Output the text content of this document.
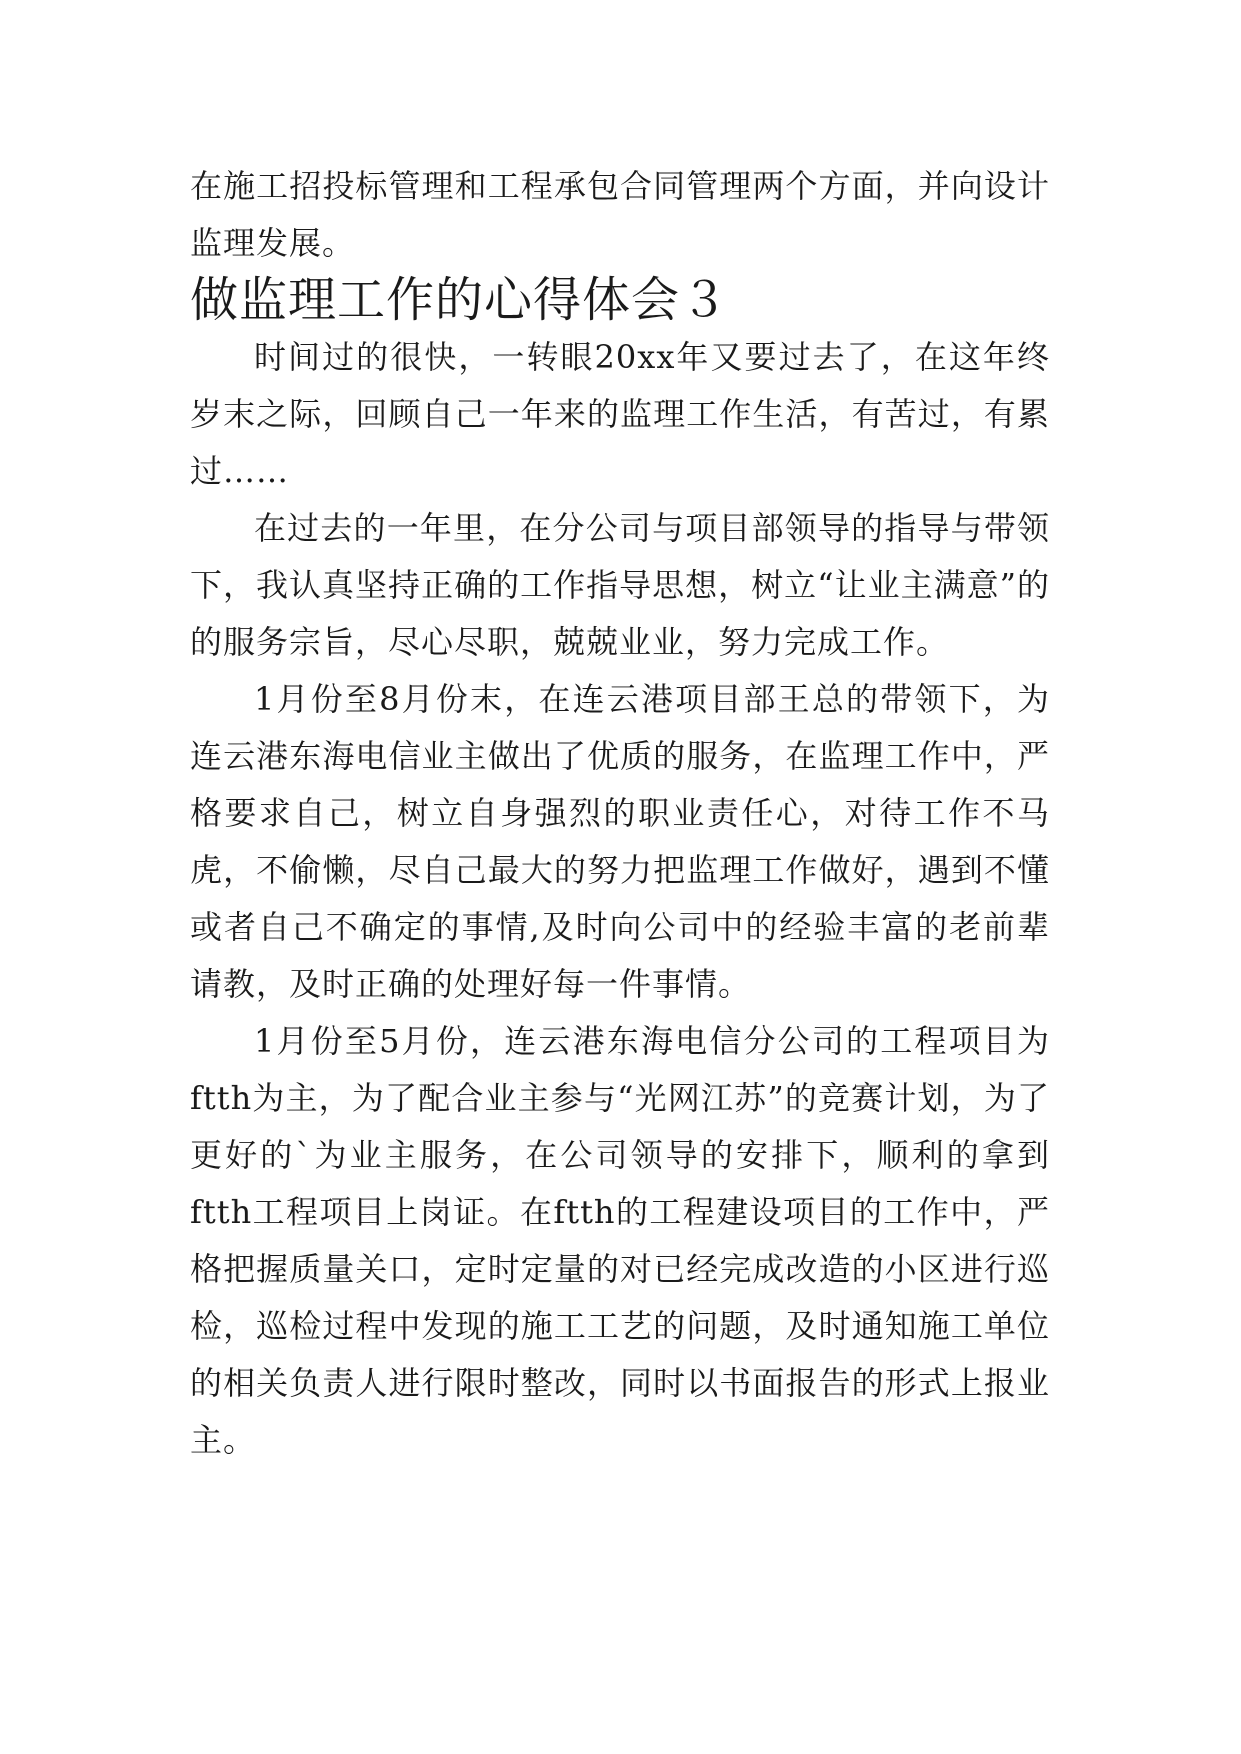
在施工招投标管理和工程承包合同管理两个方面，并向设计监理发展。

做监理工作的心得体会３

时间过的很快，一转眼20xx年又要过去了，在这年终岁末之际，回顾自己一年来的监理工作生活，有苦过，有累过……

在过去的一年里，在分公司与项目部领导的指导与带领下，我认真坚持正确的工作指导思想，树立“让业主满意”的的服务宗旨，尽心尽职，兢兢业业，努力完成工作。

1月份至8月份末，在连云港项目部王总的带领下，为连云港东海电信业主做出了优质的服务，在监理工作中，严格要求自己，树立自身强烈的职业责任心，对待工作不马虎，不偷懒，尽自己最大的努力把监理工作做好，遇到不懂或者自己不确定的事情,及时向公司中的经验丰富的老前辈请教，及时正确的处理好每一件事情。

1月份至5月份，连云港东海电信分公司的工程项目为ftth为主，为了配合业主参与“光网江苏”的竞赛计划，为了更好的`为业主服务，在公司领导的安排下，顺利的拿到ftth工程项目上岗证。在ftth的工程建设项目的工作中，严格把握质量关口，定时定量的对已经完成改造的小区进行巡检，巡检过程中发现的施工工艺的问题，及时通知施工单位的相关负责人进行限时整改，同时以书面报告的形式上报业主。
